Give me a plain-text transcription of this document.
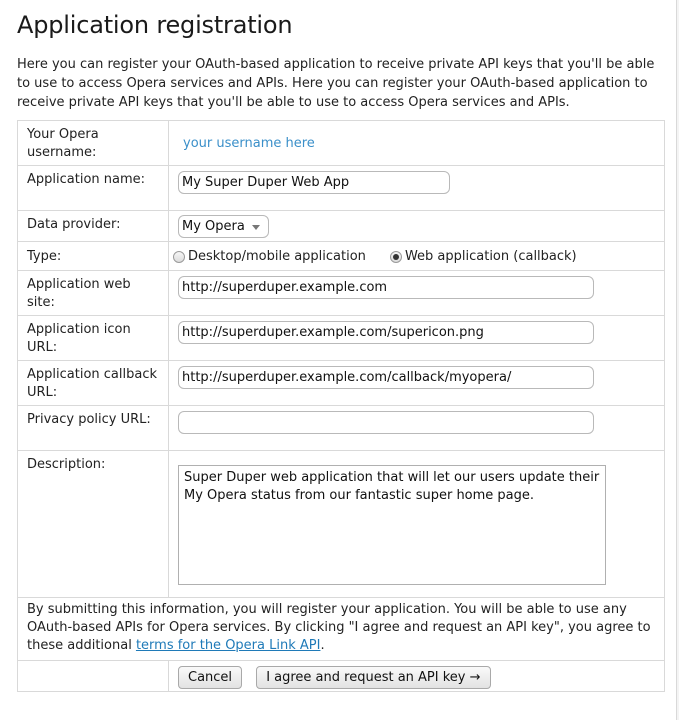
Application registration

Here you can register your OAuth-based application to receive private API keys that you'll be able to use to access Opera services and APIs. Here you can register your OAuth-based application to receive private API keys that you'll be able to use to access Opera services and APIs.

Your Opera username:	your username here
Application name:	My Super Duper Web App

Data provider:	My Opera

Type:	Desktop/mobile application Web application (callback)

Application web site:	http://superduper.example.com

Application icon URL:	http://superduper.example.com/supericon.png

Application callback URL:	http://superduper.example.com/callback/myopera/

Privacy policy URL:	

Description:	Super Duper web application that will let our users update their My Opera status from our fantastic super home page.

By submitting this information, you will register your application. You will be able to use any OAuth-based APIs for Opera services. By clicking "I agree and request an API key", you agree to these additional terms for the Opera Link API.	
	Cancel I agree and request an API key →
